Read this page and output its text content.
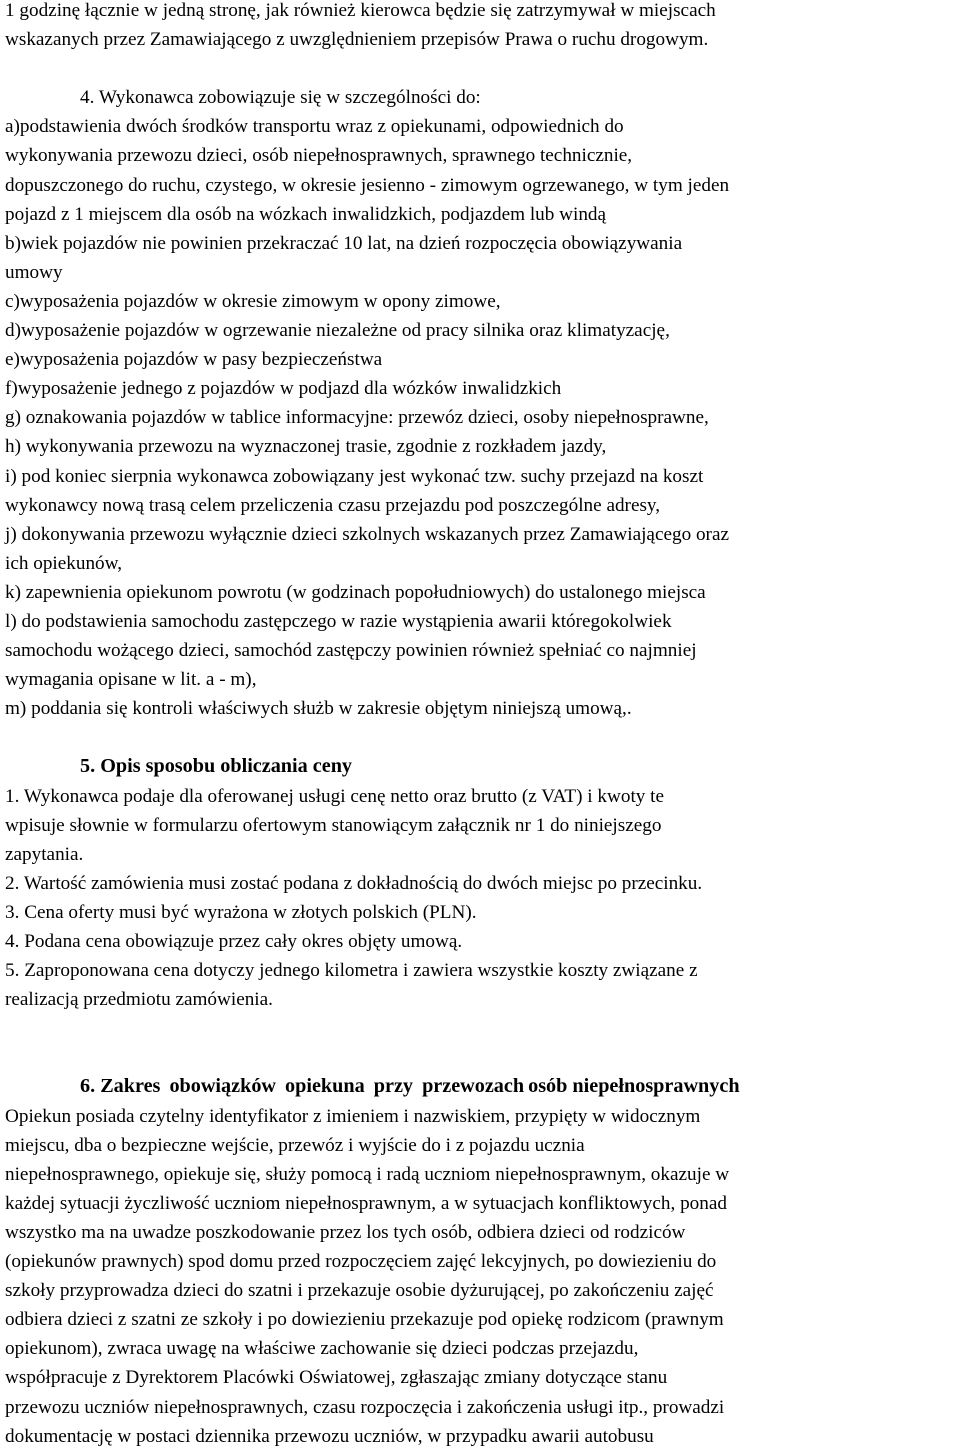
1 godzinę łącznie w jedną stronę, jak również kierowca będzie się zatrzymywał w miejscach
wskazanych przez Zamawiającego z uwzględnieniem przepisów Prawa o ruchu drogowym.
4. Wykonawca zobowiązuje się w szczególności do:
a)podstawienia dwóch środków transportu wraz z opiekunami, odpowiednich do
wykonywania przewozu dzieci, osób niepełnosprawnych, sprawnego technicznie,
dopuszczonego do ruchu, czystego, w okresie jesienno - zimowym ogrzewanego, w tym jeden
pojazd z 1 miejscem dla osób na wózkach inwalidzkich, podjazdem lub windą
b)wiek pojazdów nie powinien przekraczać 10 lat, na dzień rozpoczęcia obowiązywania
umowy
c)wyposażenia pojazdów w okresie zimowym w opony zimowe,
d)wyposażenie pojazdów w ogrzewanie niezależne od pracy silnika oraz klimatyzację,
e)wyposażenia pojazdów w pasy bezpieczeństwa
f)wyposażenie jednego z pojazdów w podjazd dla wózków inwalidzkich
g) oznakowania pojazdów w tablice informacyjne: przewóz dzieci, osoby niepełnosprawne,
h) wykonywania przewozu na wyznaczonej trasie, zgodnie z rozkładem jazdy,
i) pod koniec sierpnia wykonawca zobowiązany jest wykonać tzw. suchy przejazd na koszt
wykonawcy nową trasą celem przeliczenia czasu przejazdu pod poszczególne adresy,
j) dokonywania przewozu wyłącznie dzieci szkolnych wskazanych przez Zamawiającego oraz
ich opiekunów,
k) zapewnienia opiekunom powrotu (w godzinach popołudniowych) do ustalonego miejsca
l) do podstawienia samochodu zastępczego w razie wystąpienia awarii któregokolwiek
samochodu wożącego dzieci, samochód zastępczy powinien również spełniać co najmniej
wymagania opisane w lit. a - m),
m) poddania się kontroli właściwych służb w zakresie objętym niniejszą umową,.
5. Opis sposobu obliczania ceny
1. Wykonawca podaje dla oferowanej usługi cenę netto oraz brutto (z VAT) i kwoty te
wpisuje słownie w formularzu ofertowym stanowiącym załącznik nr 1 do niniejszego
zapytania.
2. Wartość zamówienia musi zostać podana z dokładnością do dwóch miejsc po przecinku.
3. Cena oferty musi być wyrażona w złotych polskich (PLN).
4. Podana cena obowiązuje przez cały okres objęty umową.
5. Zaproponowana cena dotyczy jednego kilometra i zawiera wszystkie koszty związane z
realizacją przedmiotu zamówienia.
6. Zakres obowiązków opiekuna przy przewozach osób niepełnosprawnych
Opiekun posiada czytelny identyfikator z imieniem i nazwiskiem, przypięty w widocznym
miejscu, dba o bezpieczne wejście, przewóz i wyjście do i z pojazdu ucznia
niepełnosprawnego, opiekuje się, służy pomocą i radą uczniom niepełnosprawnym, okazuje w
każdej sytuacji życzliwość uczniom niepełnosprawnym, a w sytuacjach konfliktowych, ponad
wszystko ma na uwadze poszkodowanie przez los tych osób, odbiera dzieci od rodziców
(opiekunów prawnych) spod domu przed rozpoczęciem zajęć lekcyjnych, po dowiezieniu do
szkoły przyprowadza dzieci do szatni i przekazuje osobie dyżurującej, po zakończeniu zajęć
odbiera dzieci z szatni ze szkoły i po dowiezieniu przekazuje pod opiekę rodzicom (prawnym
opiekunom), zwraca uwagę na właściwe zachowanie się dzieci podczas przejazdu,
współpracuje z Dyrektorem Placówki Oświatowej, zgłaszając zmiany dotyczące stanu
przewozu uczniów niepełnosprawnych, czasu rozpoczęcia i zakończenia usługi itp., prowadzi
dokumentację w postaci dziennika przewozu uczniów, w przypadku awarii autobusu
